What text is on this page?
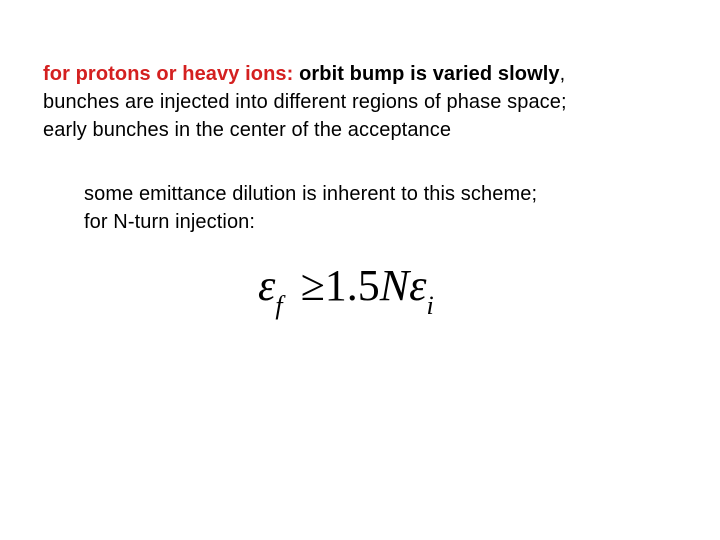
for protons or heavy ions: orbit bump is varied slowly,
bunches are injected into different regions of phase space;
early bunches in the center of the acceptance
some emittance dilution is inherent to this scheme;
for N-turn injection:
$\varepsilon_f \ge 1.5N\varepsilon_i$
